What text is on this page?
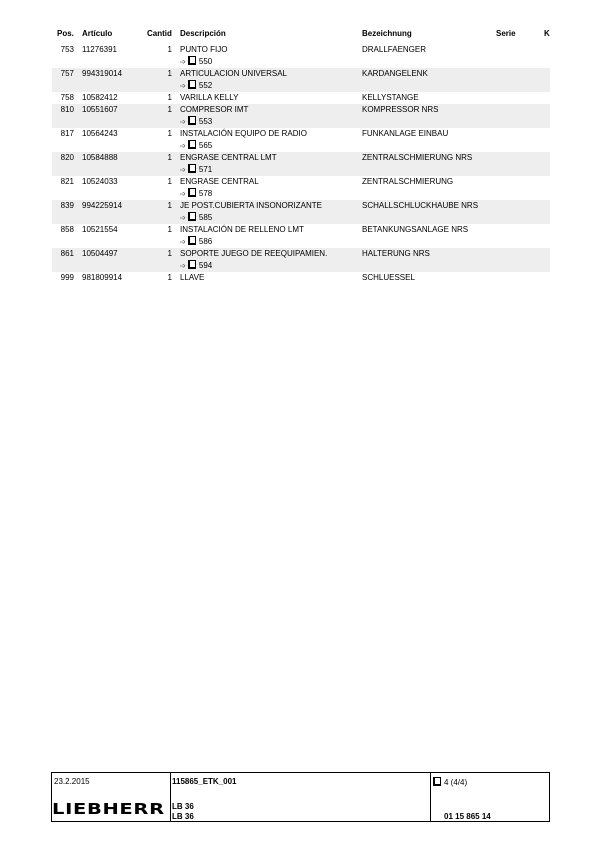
Pos. Artículo	Cantid Descripción	Bezeichnung	Serie	K
753 11276391	1 PUNTO FIJO	DRALLFAENGER
➩ 550
757 994319014	1 ARTICULACION UNIVERSAL	KARDANGELENK
➩ 552
758 10582412	1 VARILLA KELLY	KELLYSTANGE
810 10551607	1 COMPRESOR IMT	KOMPRESSOR NRS
➩ 553
817 10564243	1 INSTALACIÓN EQUIPO DE RADIO	FUNKANLAGE EINBAU
➩ 565
820 10584888	1 ENGRASE CENTRAL LMT	ZENTRALSCHMIERUNG NRS
➩ 571
821 10524033	1 ENGRASE CENTRAL	ZENTRALSCHMIERUNG
➩ 578
839 994225914	1 JE POST.CUBIERTA INSONORIZANTE	SCHALLSCHLUCKHAUBE NRS
➩ 585
858 10521554	1 INSTALACIÓN DE RELLENO LMT	BETANKUNGSANLAGE NRS
➩ 586
861 10504497	1 SOPORTE JUEGO DE REEQUIPAMIEN.	HALTERUNG NRS
➩ 594
999 981809914	1 LLAVE	SCHLUESSEL
23.2.2015
LIEBHERR
115865_ETK_001
LB 36
LB 36
4 (4/4)
01 15 865 14
